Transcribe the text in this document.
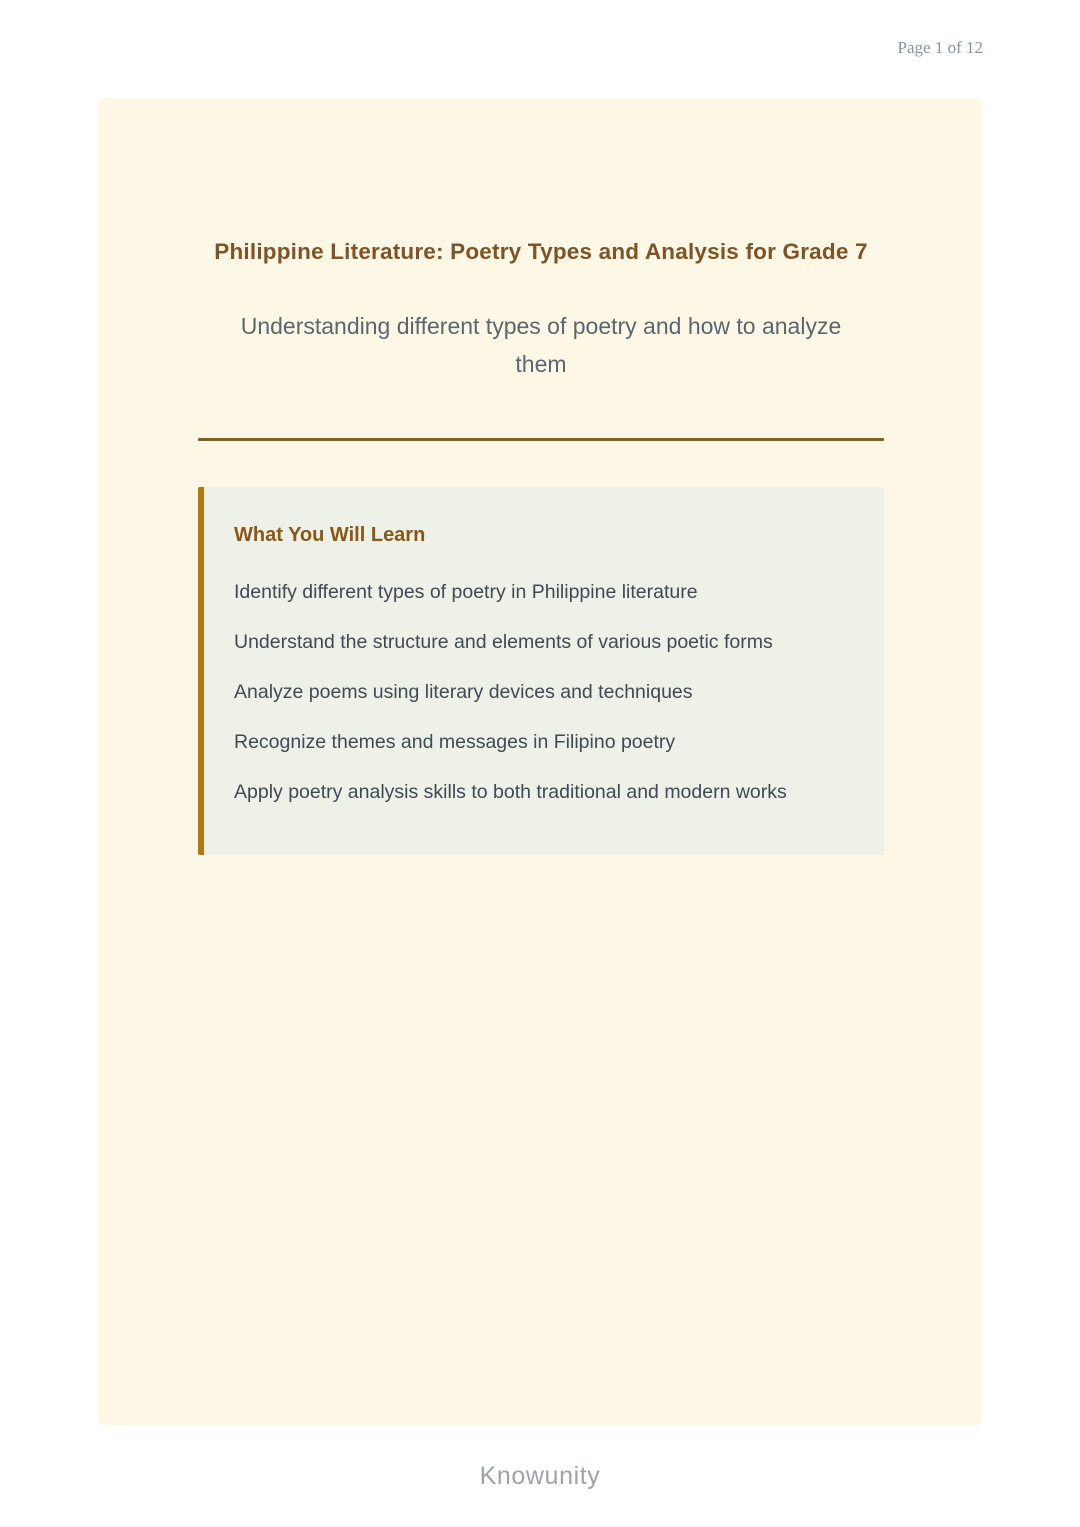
Page 1 of 12
Philippine Literature: Poetry Types and Analysis for Grade 7
Understanding different types of poetry and how to analyze them
What You Will Learn
Identify different types of poetry in Philippine literature
Understand the structure and elements of various poetic forms
Analyze poems using literary devices and techniques
Recognize themes and messages in Filipino poetry
Apply poetry analysis skills to both traditional and modern works
Knowunity
